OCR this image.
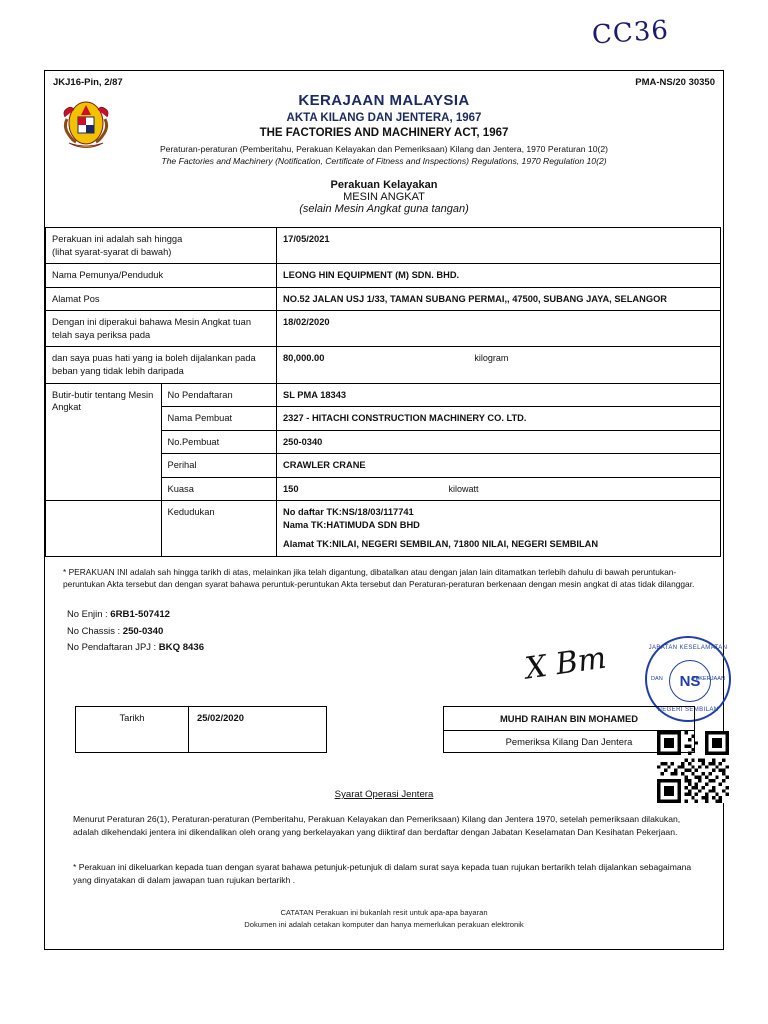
CC36
JKJ16-Pin, 2/87	PMA-NS/20 30350
KERAJAAN MALAYSIA
AKTA KILANG DAN JENTERA, 1967
THE FACTORIES AND MACHINERY ACT, 1967
Peraturan-peraturan (Pemberitahu, Perakuan Kelayakan dan Pemeriksaan) Kilang dan Jentera, 1970 Peraturan 10(2)
The Factories and Machinery (Notification, Certificate of Fitness and Inspections) Regulations, 1970 Regulation 10(2)
Perakuan Kelayakan
MESIN ANGKAT
(selain Mesin Angkat guna tangan)
Perakuan ini adalah sah hingga
(lihat syarat-syarat di bawah)		17/05/2021
Nama Pemunya/Penduduk		LEONG HIN EQUIPMENT (M) SDN. BHD.
Alamat Pos		NO.52 JALAN USJ 1/33, TAMAN SUBANG PERMAI,, 47500, SUBANG JAYA, SELANGOR
Dengan ini diperakui bahawa Mesin Angkat tuan telah saya periksa pada		18/02/2020
dan saya puas hati yang ia boleh dijalankan pada beban yang tidak lebih daripada		80,000.00 kilogram

Butir-butir tentang Mesin Angkat	No Pendaftaran	SL PMA 18343
	Nama Pembuat	2327 - HITACHI CONSTRUCTION MACHINERY CO. LTD.
	No.Pembuat	250-0340
	Perihal	CRAWLER CRANE
	Kuasa	150 kilowatt

	Kedudukan	No daftar TK:NS/18/03/117741
Nama TK:HATIMUDA SDN BHD
Alamat TK:NILAI, NEGERI SEMBILAN, 71800 NILAI, NEGERI SEMBILAN
* PERAKUAN INI adalah sah hingga tarikh di atas, melainkan jika telah digantung, dibatalkan atau dengan jalan lain ditamatkan terlebih dahulu di bawah peruntukan-peruntukan Akta tersebut dan dengan syarat bahawa peruntuk-peruntukan Akta tersebut dan Peraturan-peraturan berkenaan dengan mesin angkat di atas tidak dilanggar.
No Enjin : 6RB1-507412
No Chassis : 250-0340
No Pendaftaran JPJ : BKQ 8436	X Bm	JABATAN KESELAMATAN
DAN	PEKERJAAN
NS
NEGERI SEMBILAN
Tarikh	25/02/2020	MUHD RAIHAN BIN MOHAMED
Pemeriksa Kilang Dan Jentera
Syarat Operasi Jentera
Menurut Peraturan 26(1), Peraturan-peraturan (Pemberitahu, Perakuan Kelayakan dan Pemeriksaan) Kilang dan Jentera 1970, setelah pemeriksaan dilakukan, adalah dikehendaki jentera ini dikendalikan oleh orang yang berkelayakan yang diiktiraf dan berdaftar dengan Jabatan Keselamatan Dan Kesihatan Pekerjaan.
* Perakuan ini dikeluarkan kepada tuan dengan syarat bahawa petunjuk-petunjuk di dalam surat saya kepada tuan rujukan bertarikh telah dijalankan sebagaimana yang dinyatakan di dalam jawapan tuan rujukan bertarikh .
CATATAN Perakuan ini bukanlah resit untuk apa-apa bayaran
Dokumen ini adalah cetakan komputer dan hanya memerlukan perakuan elektronik
